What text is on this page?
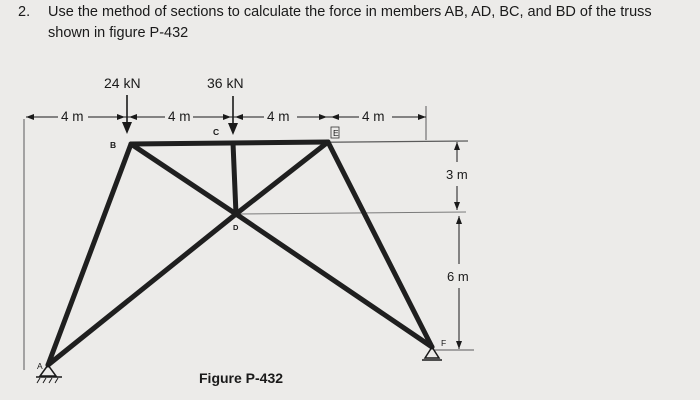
2. Use the method of sections to calculate the force in members AB, AD, BC, and BD of the truss
shown in figure P-432
24 kN	36 kN
4 m	4 m	4 m	4 m
3 m
6 m
B
C
D
E
F
A
Figure P-432
